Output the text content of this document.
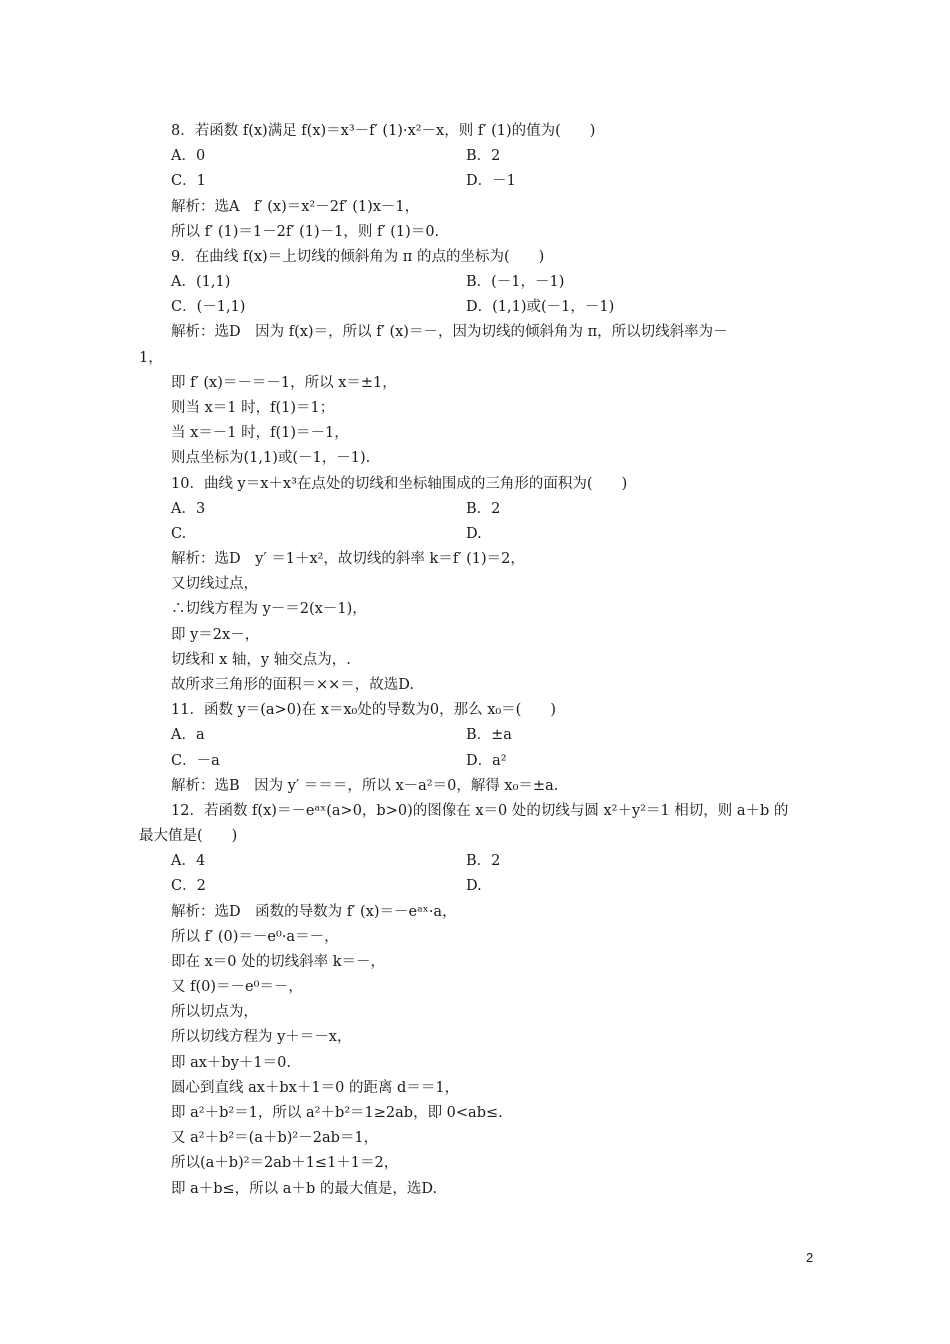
8．若函数 f(x)满足 f(x)＝x³－f′ (1)·x²－x，则 f′ (1)的值为(　　)
A．0	B．2
C．1	D．－1
解析：选A　f′ (x)＝x²－2f′ (1)x－1，
所以 f′ (1)＝1－2f′ (1)－1，则 f′ (1)＝0.
9．在曲线 f(x)＝上切线的倾斜角为 π 的点的坐标为(　　)
A．(1,1)	B．(－1，－1)
C．(－1,1)	D．(1,1)或(－1，－1)
解析：选D　因为 f(x)＝，所以 f′ (x)＝－，因为切线的倾斜角为 π，所以切线斜率为－
1，
即 f′ (x)＝－＝－1，所以 x＝±1，
则当 x＝1 时，f(1)＝1；
当 x＝－1 时，f(1)＝－1，
则点坐标为(1,1)或(－1，－1).
10．曲线 y＝x＋x³在点处的切线和坐标轴围成的三角形的面积为(　　)
A．3	B．2
C.	D.
解析：选D　y′ ＝1＋x²，故切线的斜率 k＝f′ (1)＝2，
又切线过点，
∴切线方程为 y－＝2(x－1)，
即 y＝2x－，
切线和 x 轴，y 轴交点为，.
故所求三角形的面积＝××＝，故选D.
11．函数 y＝(a>0)在 x＝x₀处的导数为0，那么 x₀＝(　　)
A．a	B．±a
C．－a	D．a²
解析：选B　因为 y′ ＝＝＝，所以 x－a²＝0，解得 x₀＝±a.
12．若函数 f(x)＝－eᵃˣ(a>0，b>0)的图像在 x＝0 处的切线与圆 x²＋y²＝1 相切，则 a＋b 的
最大值是(　　)
A．4	B．2
C．2	D.
解析：选D　函数的导数为 f′ (x)＝－eᵃˣ·a，
所以 f′ (0)＝－e⁰·a＝－，
即在 x＝0 处的切线斜率 k＝－，
又 f(0)＝－e⁰＝－，
所以切点为，
所以切线方程为 y＋＝－x，
即 ax＋by＋1＝0.
圆心到直线 ax＋bx＋1＝0 的距离 d＝＝1，
即 a²＋b²＝1，所以 a²＋b²＝1≥2ab，即 0<ab≤.
又 a²＋b²＝(a＋b)²－2ab＝1，
所以(a＋b)²＝2ab＋1≤1＋1＝2，
即 a＋b≤，所以 a＋b 的最大值是，选D.
2
